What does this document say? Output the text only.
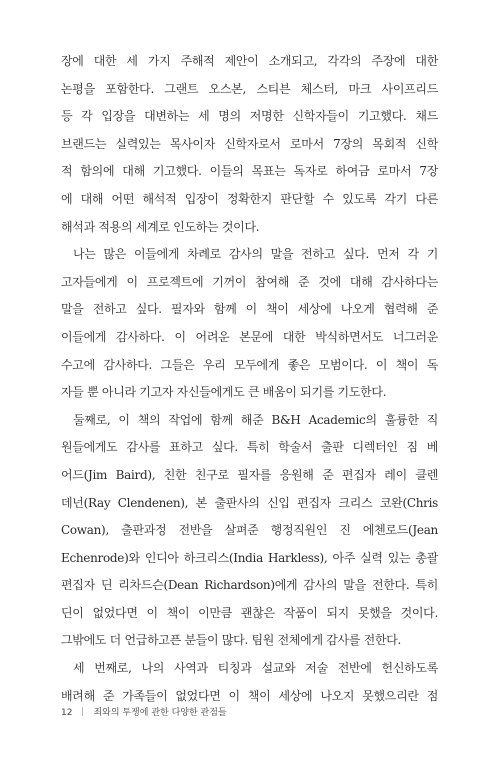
장에 대한 세 가지 주해적 제안이 소개되고, 각각의 주장에 대한
논평을 포함한다. 그랜트 오스본, 스티븐 체스터, 마크 사이프리드
등 각 입장을 대변하는 세 명의 저명한 신학자들이 기고했다. 채드
브랜드는 실력있는 목사이자 신학자로서 로마서 7장의 목회적 신학
적 함의에 대해 기고했다. 이들의 목표는 독자로 하여금 로마서 7장
에 대해 어떤 해석적 입장이 정확한지 판단할 수 있도록 각기 다른
해석과 적용의 세계로 인도하는 것이다.
나는 많은 이들에게 차례로 감사의 말을 전하고 싶다. 먼저 각 기
고자들에게 이 프로젝트에 기꺼이 참여해 준 것에 대해 감사하다는
말을 전하고 싶다. 필자와 함께 이 책이 세상에 나오게 협력해 준
이들에게 감사하다. 이 어려운 본문에 대한 박식하면서도 너그러운
수고에 감사하다. 그들은 우리 모두에게 좋은 모범이다. 이 책이 독
자들 뿐 아니라 기고자 자신들에게도 큰 배움이 되기를 기도한다.
둘째로, 이 책의 작업에 함께 해준 B&H Academic의 훌륭한 직
원들에게도 감사를 표하고 싶다. 특히 학술서 출판 디렉터인 짐 베
어드(Jim Baird), 친한 친구로 필자를 응원해 준 편집자 레이 클렌
데넌(Ray Clendenen), 본 출판사의 신입 편집자 크리스 코완(Chris
Cowan), 출판과정 전반을 살펴준 행정직원인 진 에첸로드(Jean
Echenrode)와 인디아 하크리스(India Harkless), 아주 실력 있는 총괄
편집자 딘 리차드슨(Dean Richardson)에게 감사의 말을 전한다. 특히
딘이 없었다면 이 책이 이만큼 괜찮은 작품이 되지 못했을 것이다.
그밖에도 더 언급하고픈 분들이 많다. 팀원 전체에게 감사를 전한다.
세 번째로, 나의 사역과 티칭과 설교와 저술 전반에 헌신하도록
배려해 준 가족들이 없었다면 이 책이 세상에 나오지 못했으리란 점
12 죄와의 투쟁에 관한 다양한 관점들
